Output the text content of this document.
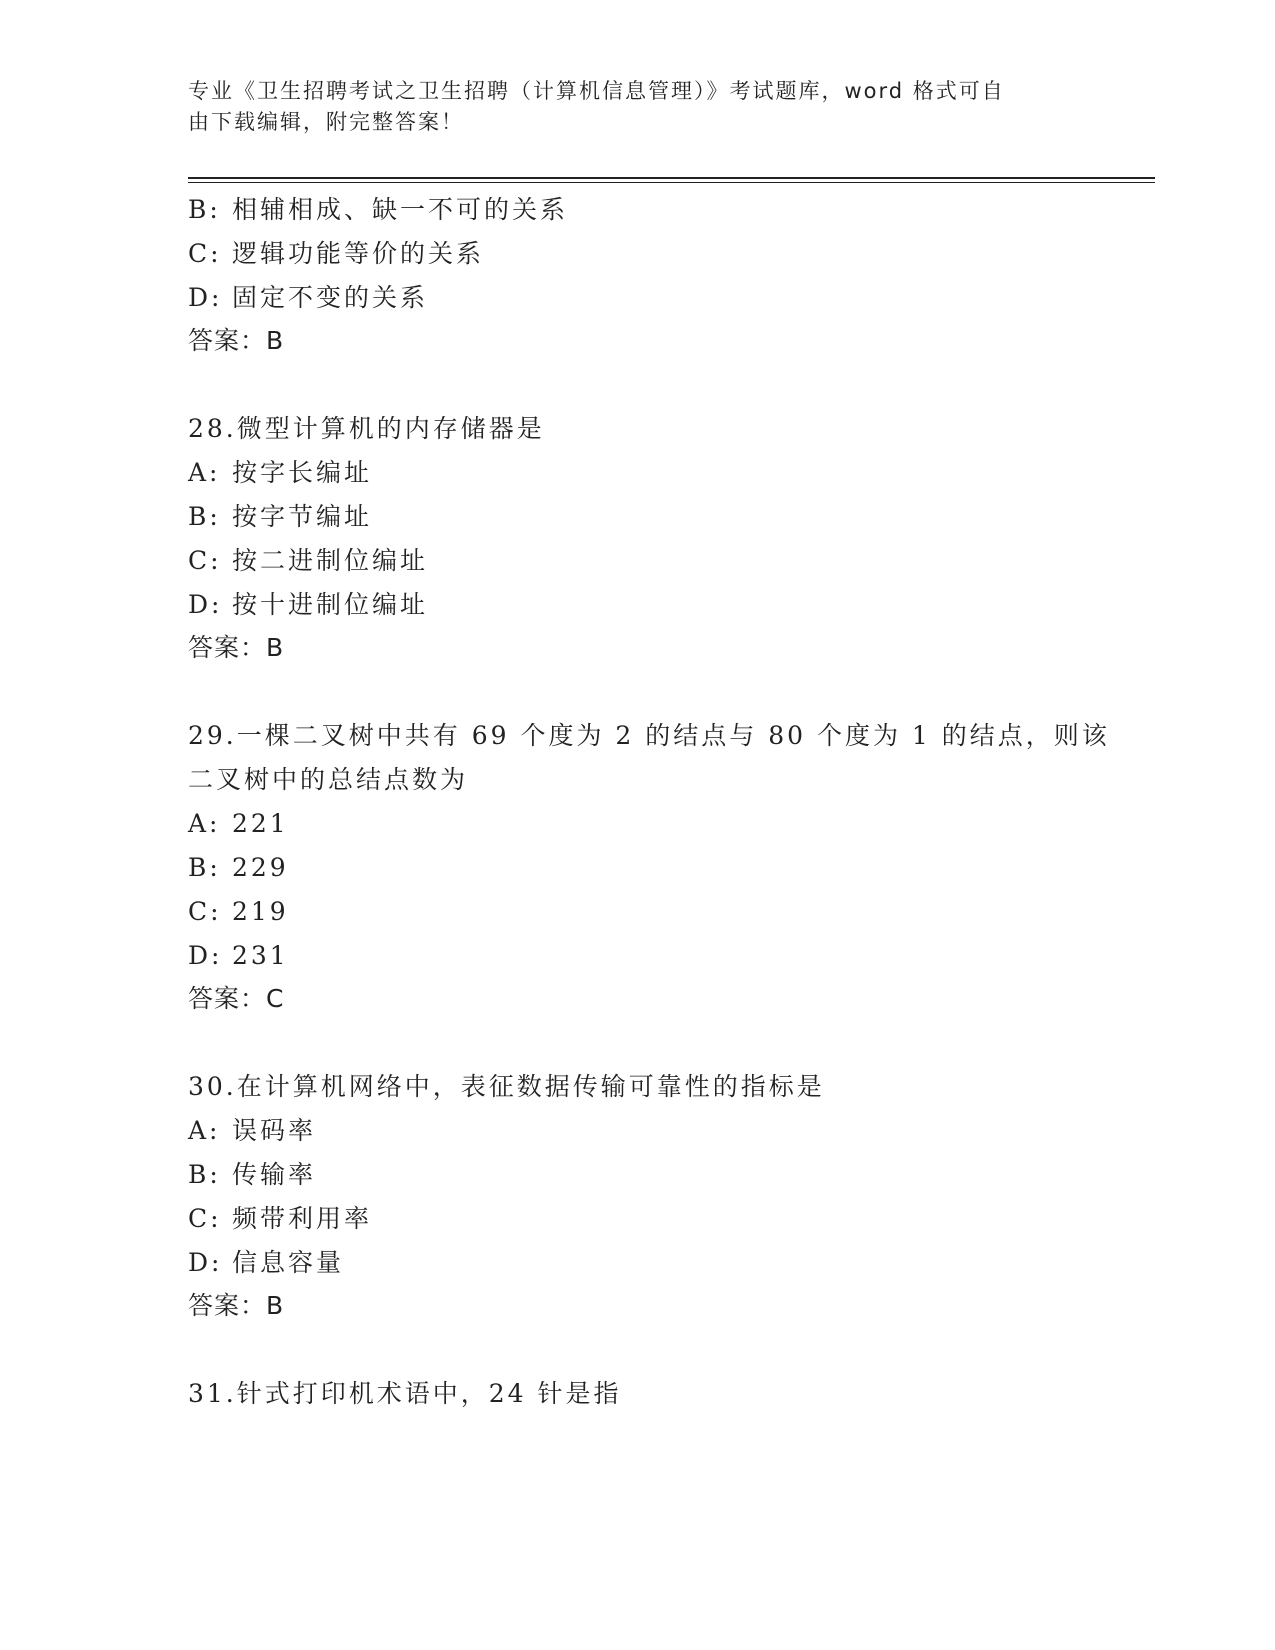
专业《卫生招聘考试之卫生招聘（计算机信息管理）》考试题库，word 格式可自
由下载编辑，附完整答案！
B: 相辅相成、缺一不可的关系
C: 逻辑功能等价的关系
D: 固定不变的关系
答案：B
28.微型计算机的内存储器是
A: 按字长编址
B: 按字节编址
C: 按二进制位编址
D: 按十进制位编址
答案：B
29.一棵二叉树中共有 69 个度为 2 的结点与 80 个度为 1 的结点，则该
二叉树中的总结点数为
A: 221
B: 229
C: 219
D: 231
答案：C
30.在计算机网络中，表征数据传输可靠性的指标是
A: 误码率
B: 传输率
C: 频带利用率
D: 信息容量
答案：B
31.针式打印机术语中，24 针是指
